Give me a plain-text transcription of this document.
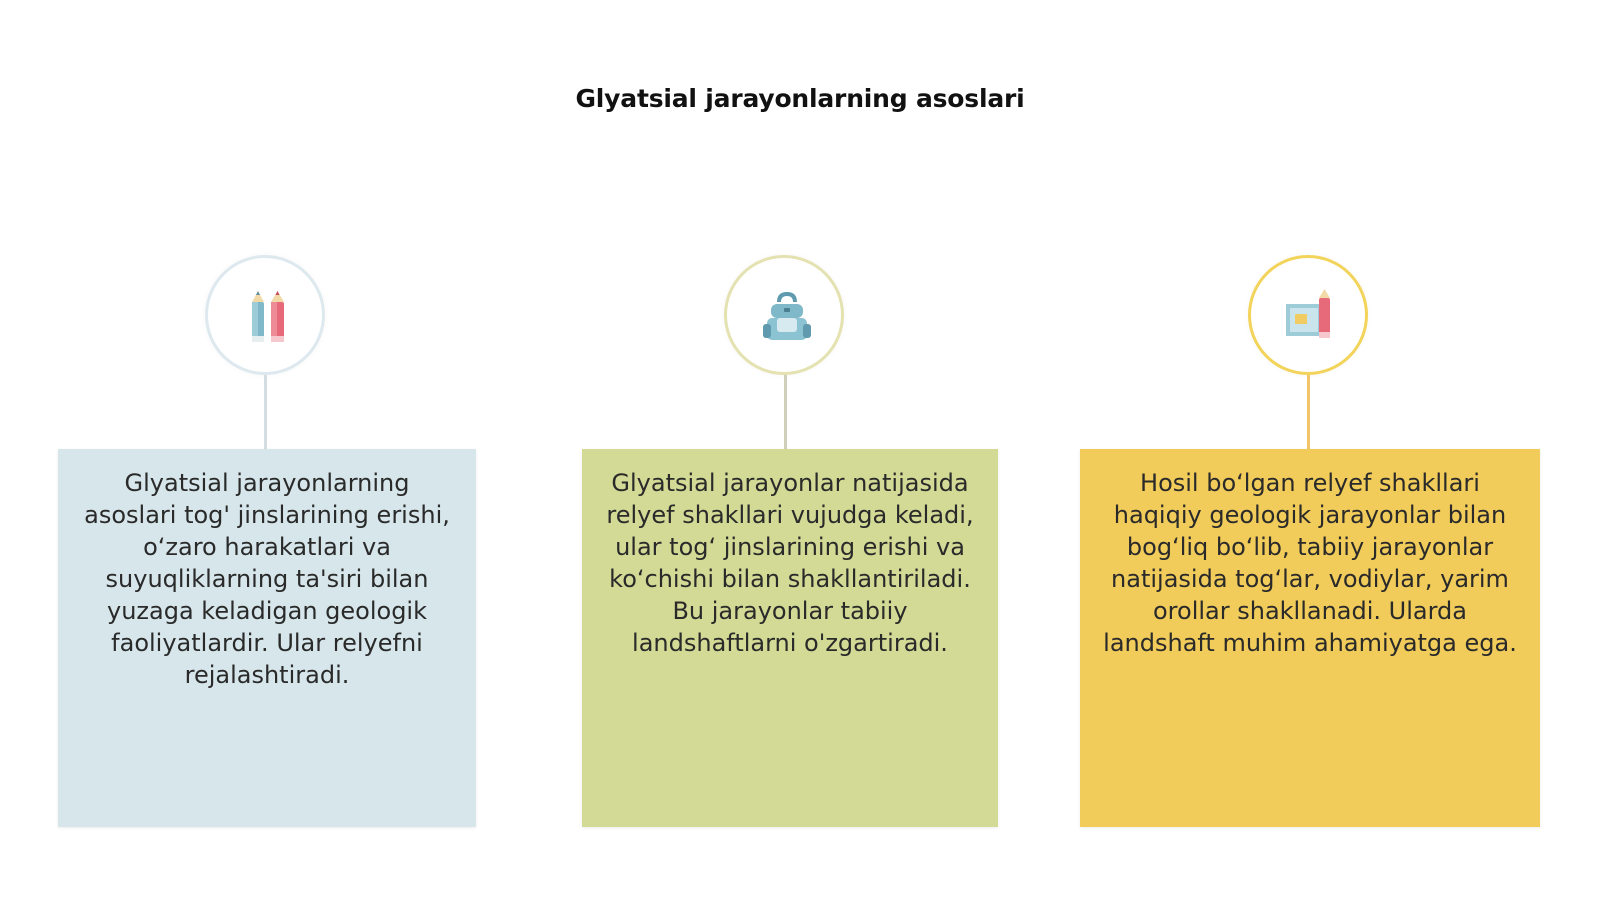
Glyatsial jarayonlarning asoslari
Glyatsial jarayonlarning asoslari tog' jinslarining erishi, o‘zaro harakatlari va suyuqliklarning ta'siri bilan yuzaga keladigan geologik faoliyatlardir. Ular relyefni rejalashtiradi.
Glyatsial jarayonlar natijasida relyef shakllari vujudga keladi, ular tog‘ jinslarining erishi va ko‘chishi bilan shakllantiriladi. Bu jarayonlar tabiiy landshaftlarni o'zgartiradi.
Hosil bo‘lgan relyef shakllari haqiqiy geologik jarayonlar bilan bog‘liq bo‘lib, tabiiy jarayonlar natijasida tog‘lar, vodiylar, yarim orollar shakllanadi. Ularda landshaft muhim ahamiyatga ega.
